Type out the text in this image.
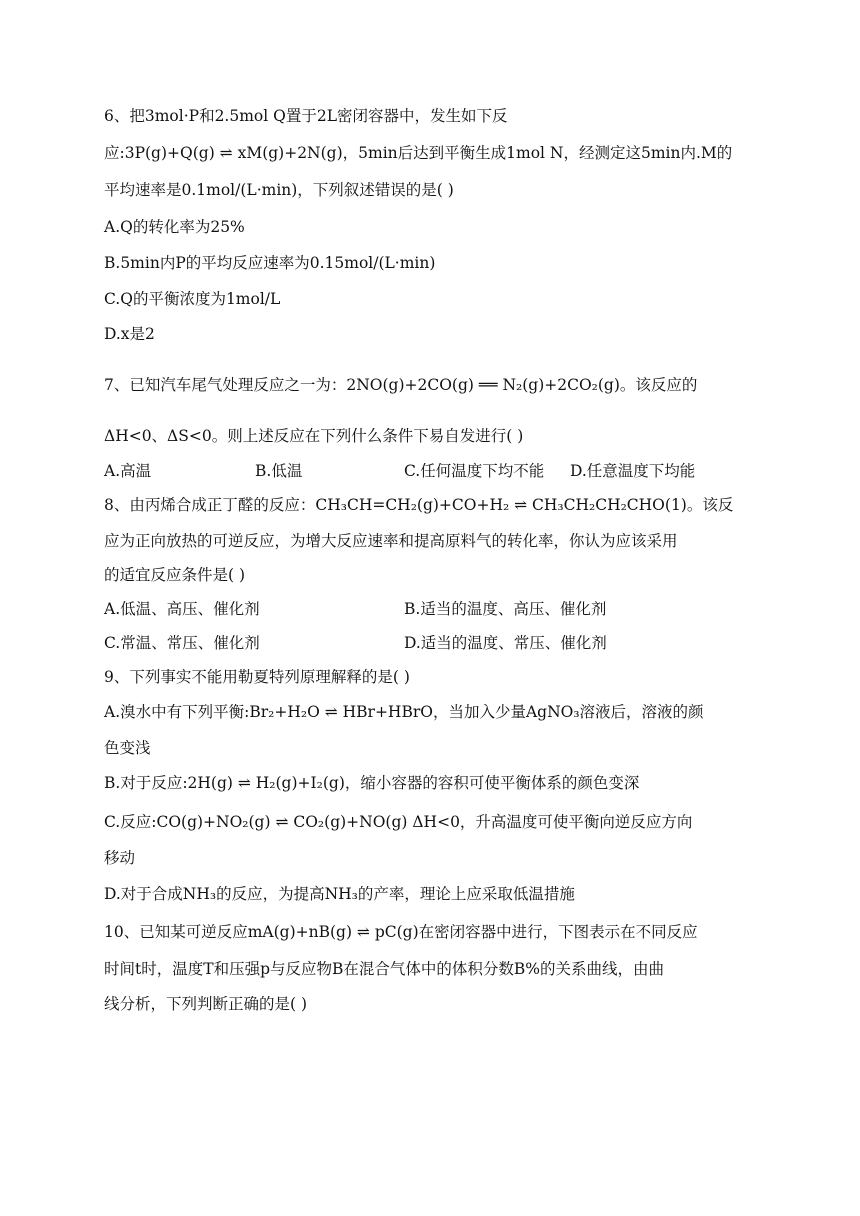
6、把3mol·P和2.5mol Q置于2L密闭容器中，发生如下反
应:3P(g)+Q(g) ⇌ xM(g)+2N(g)，5min后达到平衡生成1mol N，经测定这5min内.M的
平均速率是0.1mol/(L·min)，下列叙述错误的是( )
A.Q的转化率为25%
B.5min内P的平均反应速率为0.15mol/(L·min)
C.Q的平衡浓度为1mol/L
D.x是2
7、已知汽车尾气处理反应之一为：2NO(g)+2CO(g) ══ N₂(g)+2CO₂(g)。该反应的
ΔH<0、ΔS<0。则上述反应在下列什么条件下易自发进行( )
A.高温	B.低温	C.任何温度下均不能 D.任意温度下均能
8、由丙烯合成正丁醛的反应：CH₃CH=CH₂(g)+CO+H₂ ⇌ CH₃CH₂CH₂CHO(1)。该反
应为正向放热的可逆反应，为增大反应速率和提高原料气的转化率，你认为应该采用
的适宜反应条件是( )
A.低温、高压、催化剂	B.适当的温度、高压、催化剂
C.常温、常压、催化剂	D.适当的温度、常压、催化剂
9、下列事实不能用勒夏特列原理解释的是( )
A.溴水中有下列平衡:Br₂+H₂O ⇌ HBr+HBrO，当加入少量AgNO₃溶液后，溶液的颜
色变浅
B.对于反应:2H(g) ⇌ H₂(g)+I₂(g)，缩小容器的容积可使平衡体系的颜色变深
C.反应:CO(g)+NO₂(g) ⇌ CO₂(g)+NO(g) ΔH<0，升高温度可使平衡向逆反应方向
移动
D.对于合成NH₃的反应，为提高NH₃的产率，理论上应采取低温措施
10、已知某可逆反应mA(g)+nB(g) ⇌ pC(g)在密闭容器中进行，下图表示在不同反应
时间t时，温度T和压强p与反应物B在混合气体中的体积分数B%的关系曲线，由曲
线分析，下列判断正确的是( )
